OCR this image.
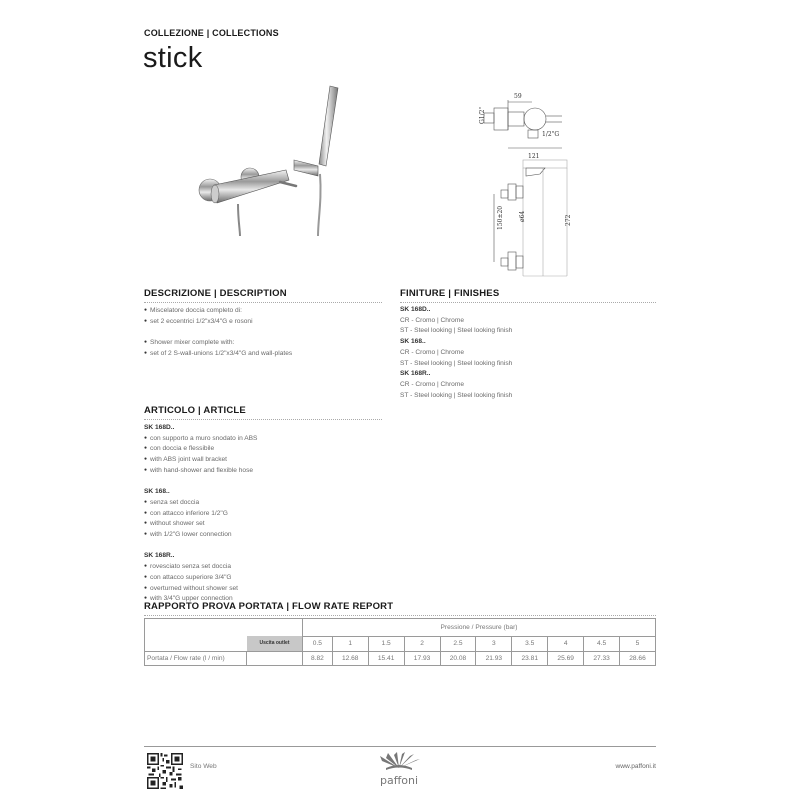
COLLEZIONE | COLLECTIONS
stick
59
1/2"G
G1/2"
121
150±20	ø64	272
DESCRIZIONE | DESCRIPTION
● Miscelatore doccia completo di:
● set 2 eccentrici 1/2"x3/4"G e rosoni
● Shower mixer complete with:
● set of 2 S-wall-unions 1/2"x3/4"G and wall-plates
FINITURE | FINISHES
SK 168D..
CR - Cromo | Chrome
ST - Steel looking | Steel looking finish
SK 168..
CR - Cromo | Chrome
ST - Steel looking | Steel looking finish
SK 168R..
CR - Cromo | Chrome
ST - Steel looking | Steel looking finish
ARTICOLO | ARTICLE
SK 168D..
● con supporto a muro snodato in ABS
● con doccia e flessibile
● with ABS joint wall bracket
● with hand-shower and flexible hose
SK 168..
● senza set doccia
● con attacco inferiore 1/2"G
● without shower set
● with 1/2"G lower connection
SK 168R..
● rovesciato senza set doccia
● con attacco superiore 3/4"G
● overturned without shower set
● with 3/4"G upper connection
RAPPORTO PROVA PORTATA | FLOW RATE REPORT
Uscita outlet		Pressione / Pressure (bar)									
		0.5	1	1.5	2	2.5	3	3.5	4	4.5	5
Portata / Flow rate (l / min)		8.82	12.68	15.41	17.93	20.08	21.93	23.81	25.69	27.33	28.66
Sito Web
paffoni
www.paffoni.it
